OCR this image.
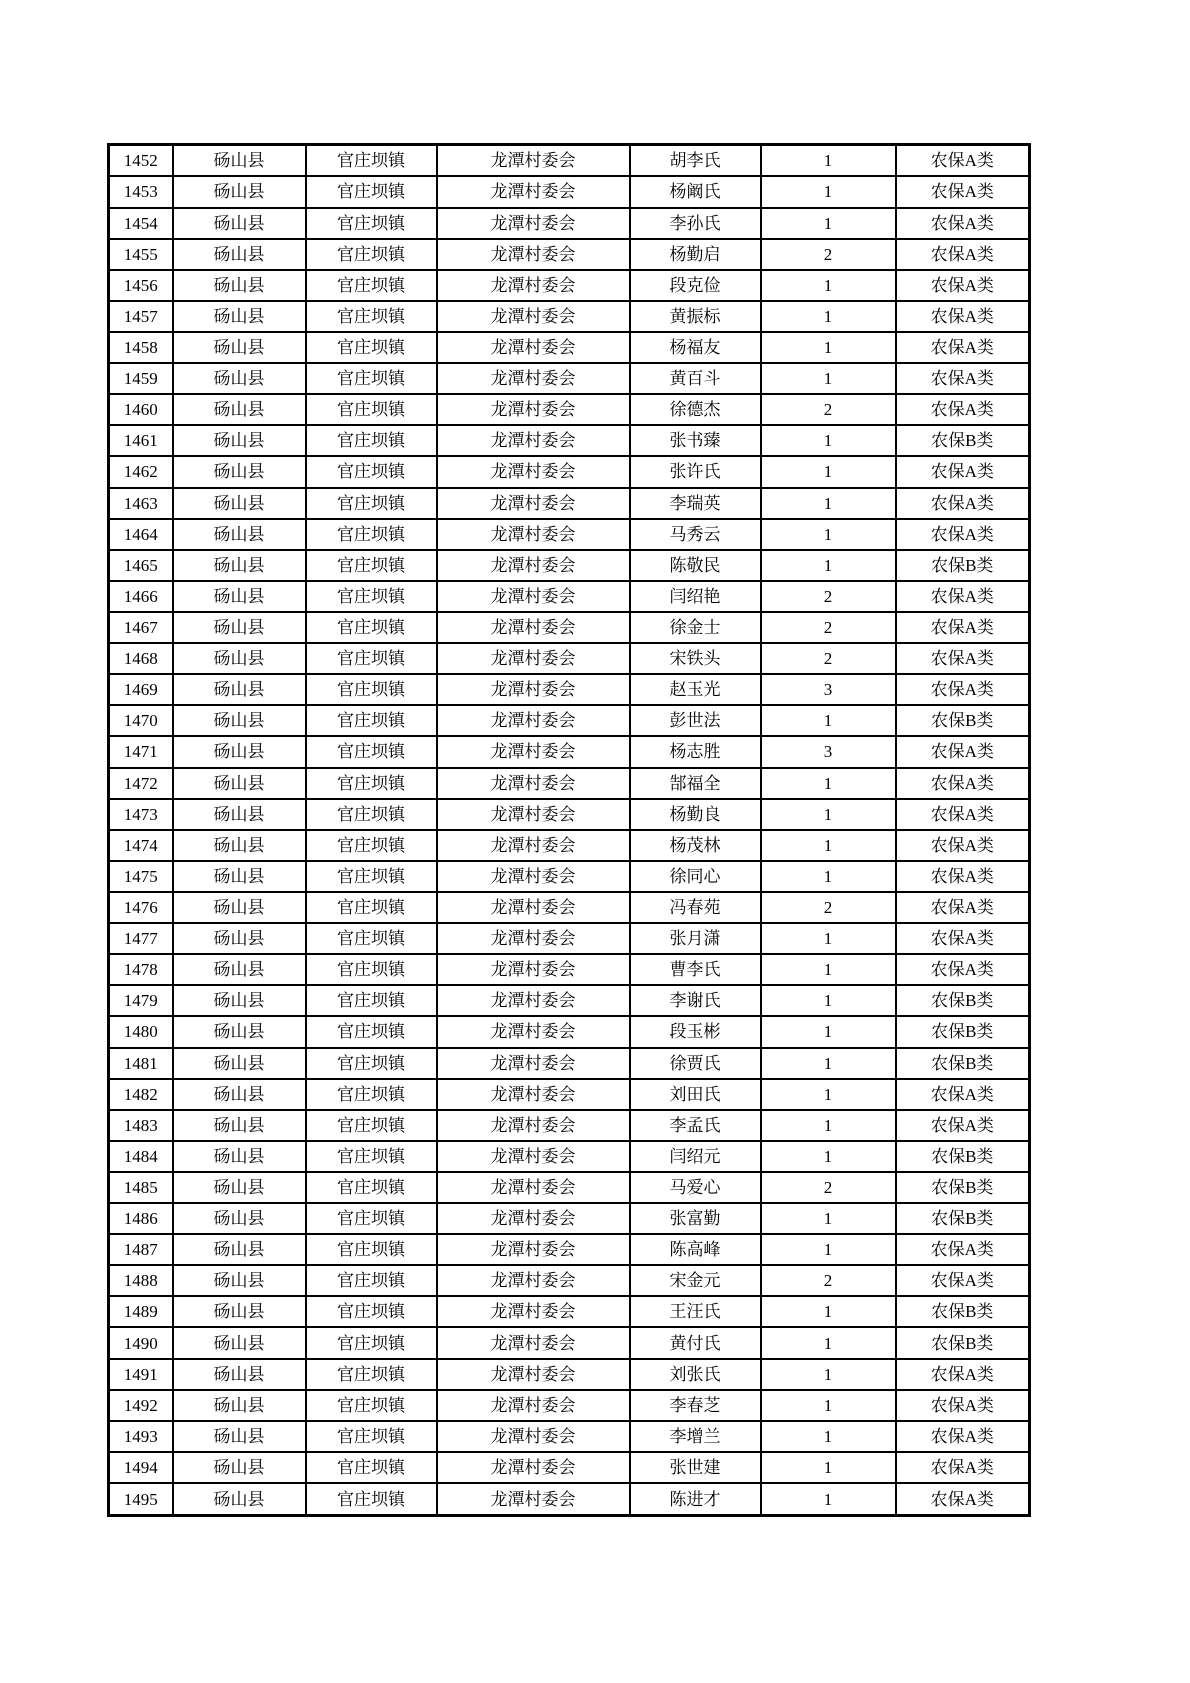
1452	砀山县	官庄坝镇	龙潭村委会	胡李氏	1	农保A类
1453	砀山县	官庄坝镇	龙潭村委会	杨阚氏	1	农保A类
1454	砀山县	官庄坝镇	龙潭村委会	李孙氏	1	农保A类
1455	砀山县	官庄坝镇	龙潭村委会	杨勤启	2	农保A类
1456	砀山县	官庄坝镇	龙潭村委会	段克俭	1	农保A类
1457	砀山县	官庄坝镇	龙潭村委会	黄振标	1	农保A类
1458	砀山县	官庄坝镇	龙潭村委会	杨福友	1	农保A类
1459	砀山县	官庄坝镇	龙潭村委会	黄百斗	1	农保A类
1460	砀山县	官庄坝镇	龙潭村委会	徐德杰	2	农保A类
1461	砀山县	官庄坝镇	龙潭村委会	张书臻	1	农保B类
1462	砀山县	官庄坝镇	龙潭村委会	张许氏	1	农保A类
1463	砀山县	官庄坝镇	龙潭村委会	李瑞英	1	农保A类
1464	砀山县	官庄坝镇	龙潭村委会	马秀云	1	农保A类
1465	砀山县	官庄坝镇	龙潭村委会	陈敬民	1	农保B类
1466	砀山县	官庄坝镇	龙潭村委会	闫绍艳	2	农保A类
1467	砀山县	官庄坝镇	龙潭村委会	徐金士	2	农保A类
1468	砀山县	官庄坝镇	龙潭村委会	宋铁头	2	农保A类
1469	砀山县	官庄坝镇	龙潭村委会	赵玉光	3	农保A类
1470	砀山县	官庄坝镇	龙潭村委会	彭世法	1	农保B类
1471	砀山县	官庄坝镇	龙潭村委会	杨志胜	3	农保A类
1472	砀山县	官庄坝镇	龙潭村委会	郜福全	1	农保A类
1473	砀山县	官庄坝镇	龙潭村委会	杨勤良	1	农保A类
1474	砀山县	官庄坝镇	龙潭村委会	杨茂林	1	农保A类
1475	砀山县	官庄坝镇	龙潭村委会	徐同心	1	农保A类
1476	砀山县	官庄坝镇	龙潭村委会	冯春苑	2	农保A类
1477	砀山县	官庄坝镇	龙潭村委会	张月潇	1	农保A类
1478	砀山县	官庄坝镇	龙潭村委会	曹李氏	1	农保A类
1479	砀山县	官庄坝镇	龙潭村委会	李谢氏	1	农保B类
1480	砀山县	官庄坝镇	龙潭村委会	段玉彬	1	农保B类
1481	砀山县	官庄坝镇	龙潭村委会	徐贾氏	1	农保B类
1482	砀山县	官庄坝镇	龙潭村委会	刘田氏	1	农保A类
1483	砀山县	官庄坝镇	龙潭村委会	李孟氏	1	农保A类
1484	砀山县	官庄坝镇	龙潭村委会	闫绍元	1	农保B类
1485	砀山县	官庄坝镇	龙潭村委会	马爱心	2	农保B类
1486	砀山县	官庄坝镇	龙潭村委会	张富勤	1	农保B类
1487	砀山县	官庄坝镇	龙潭村委会	陈高峰	1	农保A类
1488	砀山县	官庄坝镇	龙潭村委会	宋金元	2	农保A类
1489	砀山县	官庄坝镇	龙潭村委会	王汪氏	1	农保B类
1490	砀山县	官庄坝镇	龙潭村委会	黄付氏	1	农保B类
1491	砀山县	官庄坝镇	龙潭村委会	刘张氏	1	农保A类
1492	砀山县	官庄坝镇	龙潭村委会	李春芝	1	农保A类
1493	砀山县	官庄坝镇	龙潭村委会	李增兰	1	农保A类
1494	砀山县	官庄坝镇	龙潭村委会	张世建	1	农保A类
1495	砀山县	官庄坝镇	龙潭村委会	陈进才	1	农保A类
